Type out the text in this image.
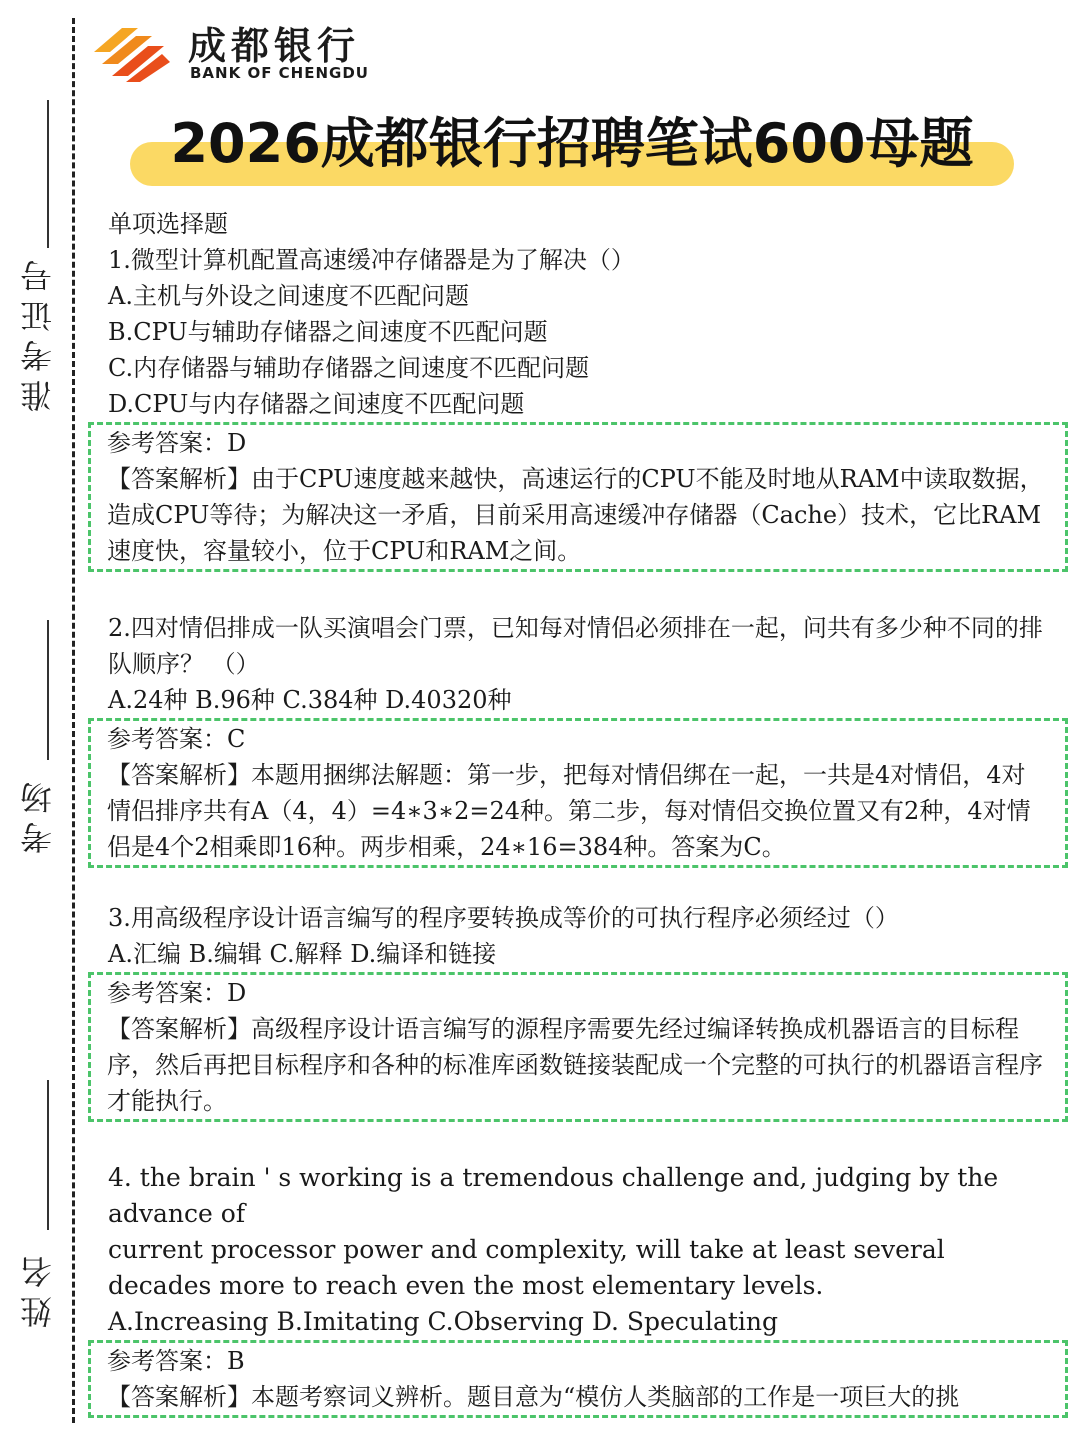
准考证号
考场
姓名
成都银行
BANK OF CHENGDU
2026成都银行招聘笔试600母题

单项选择题

1.微型计算机配置高速缓冲存储器是为了解决（）

A.主机与外设之间速度不匹配问题

B.CPU与辅助存储器之间速度不匹配问题

C.内存储器与辅助存储器之间速度不匹配问题

D.CPU与内存储器之间速度不匹配问题

参考答案：D

【答案解析】由于CPU速度越来越快，高速运行的CPU不能及时地从RAM中读取数据，造成CPU等待；为解决这一矛盾，目前采用高速缓冲存储器（Cache）技术，它比RAM速度快，容量较小，位于CPU和RAM之间。

2.四对情侣排成一队买演唱会门票，已知每对情侣必须排在一起，问共有多少种不同的排队顺序？ （）

A.24种 B.96种 C.384种 D.40320种

参考答案：C

【答案解析】本题用捆绑法解题：第一步，把每对情侣绑在一起，一共是4对情侣，4对情侣排序共有A（4，4）=4∗3∗2=24种。第二步，每对情侣交换位置又有2种，4对情侣是4个2相乘即16种。两步相乘，24∗16=384种。答案为C。

3.用高级程序设计语言编写的程序要转换成等价的可执行程序必须经过（）

A.汇编 B.编辑 C.解释 D.编译和链接

参考答案：D

【答案解析】高级程序设计语言编写的源程序需要先经过编译转换成机器语言的目标程序，然后再把目标程序和各种的标准库函数链接装配成一个完整的可执行的机器语言程序才能执行。

4. the brain ' s working is a tremendous challenge and, judging by the advance of

current processor power and complexity, will take at least several decades more to reach even the most elementary levels.

A.Increasing B.Imitating C.Observing D. Speculating

参考答案：B

【答案解析】本题考察词义辨析。题目意为“模仿人类脑部的工作是一项巨大的挑
